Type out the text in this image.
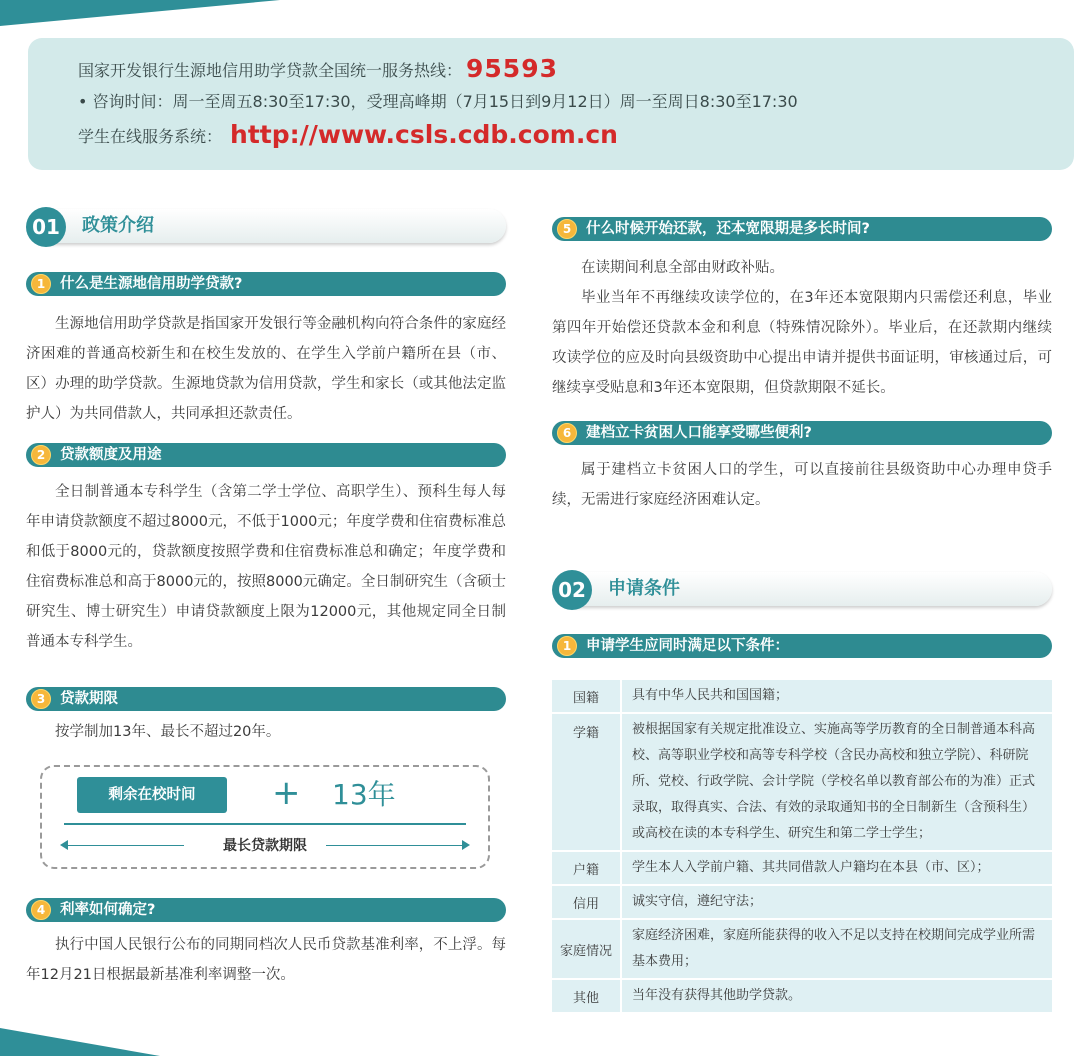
国家开发银行生源地信用助学贷款全国统一服务热线： 95593
• 咨询时间：周一至周五8:30至17:30，受理高峰期（7月15日到9月12日）周一至周日8:30至17:30
学生在线服务系统： http://www.csls.cdb.com.cn
01	政策介绍
1	什么是生源地信用助学贷款?

生源地信用助学贷款是指国家开发银行等金融机构向符合条件的家庭经济困难的普通高校新生和在校生发放的、在学生入学前户籍所在县（市、区）办理的助学贷款。生源地贷款为信用贷款，学生和家长（或其他法定监护人）为共同借款人，共同承担还款责任。

2	贷款额度及用途

全日制普通本专科学生（含第二学士学位、高职学生）、预科生每人每年申请贷款额度不超过8000元，不低于1000元；年度学费和住宿费标准总和低于8000元的，贷款额度按照学费和住宿费标准总和确定；年度学费和住宿费标准总和高于8000元的，按照8000元确定。全日制研究生（含硕士研究生、博士研究生）申请贷款额度上限为12000元，其他规定同全日制普通本专科学生。

3	贷款期限

按学制加13年、最长不超过20年。

剩余在校时间	+ 13年
最长贷款期限
4	利率如何确定?

执行中国人民银行公布的同期同档次人民币贷款基准利率，不上浮。每年12月21日根据最新基准利率调整一次。

5	什么时候开始还款，还本宽限期是多长时间?

在读期间利息全部由财政补贴。

毕业当年不再继续攻读学位的，在3年还本宽限期内只需偿还利息，毕业第四年开始偿还贷款本金和利息（特殊情况除外）。毕业后，在还款期内继续攻读学位的应及时向县级资助中心提出申请并提供书面证明，审核通过后，可继续享受贴息和3年还本宽限期，但贷款期限不延长。

6	建档立卡贫困人口能享受哪些便利?

属于建档立卡贫困人口的学生，可以直接前往县级资助中心办理申贷手续，无需进行家庭经济困难认定。

02	申请条件
1	申请学生应同时满足以下条件：
国籍	具有中华人民共和国国籍；
学籍	被根据国家有关规定批准设立、实施高等学历教育的全日制普通本科高校、高等职业学校和高等专科学校（含民办高校和独立学院）、科研院所、党校、行政学院、会计学院（学校名单以教育部公布的为准）正式录取，取得真实、合法、有效的录取通知书的全日制新生（含预科生）或高校在读的本专科学生、研究生和第二学士学生；
户籍	学生本人入学前户籍、其共同借款人户籍均在本县（市、区）；
信用	诚实守信，遵纪守法；
家庭情况	家庭经济困难，家庭所能获得的收入不足以支持在校期间完成学业所需基本费用；
其他	当年没有获得其他助学贷款。
